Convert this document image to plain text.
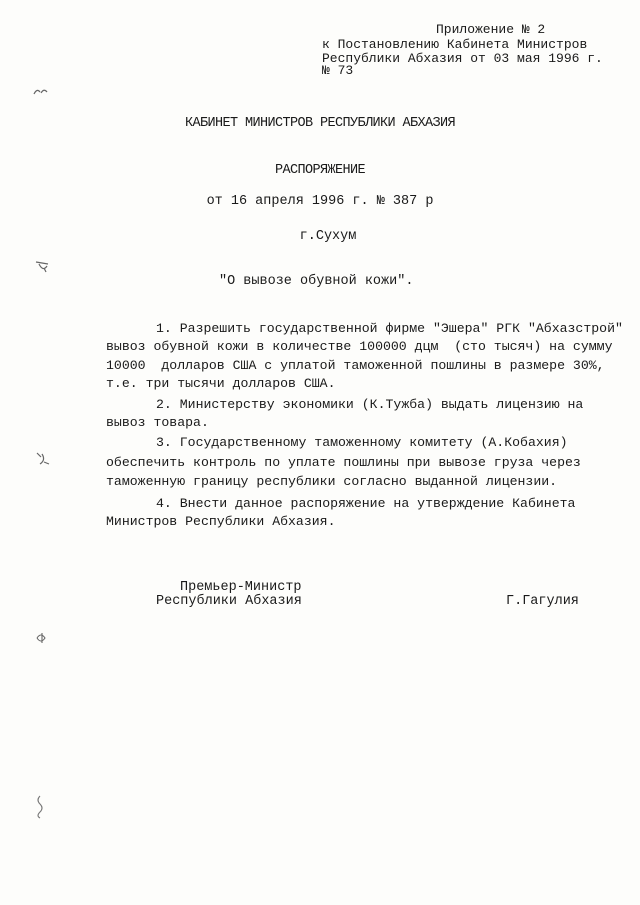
Приложение № 2
к Постановлению Кабинета Министров
Республики Абхазия от 03 мая 1996 г.
№ 73
КАБИНЕТ МИНИСТРОВ РЕСПУБЛИКИ АБХАЗИЯ
РАСПОРЯЖЕНИЕ
от 16 апреля 1996 г. № 387 р
г.Сухум
"О вывозе обувной кожи".
1. Разрешить государственной фирме "Эшера" РГК "Абхазстрой"
вывоз обувной кожи в количестве 100000 дцм  (сто тысяч) на сумму
10000  долларов США с уплатой таможенной пошлины в размере 30%,
т.е. три тысячи долларов США.
2. Министерству экономики (К.Тужба) выдать лицензию на
вывоз товара.
3. Государственному таможенному комитету (А.Кобахия)
обеспечить контроль по уплате пошлины при вывозе груза через
таможенную границу республики согласно выданной лицензии.
4. Внести данное распоряжение на утверждение Кабинета
Министров Республики Абхазия.
Премьер-Министр
Республики Абхазия	Г.Гагулия
